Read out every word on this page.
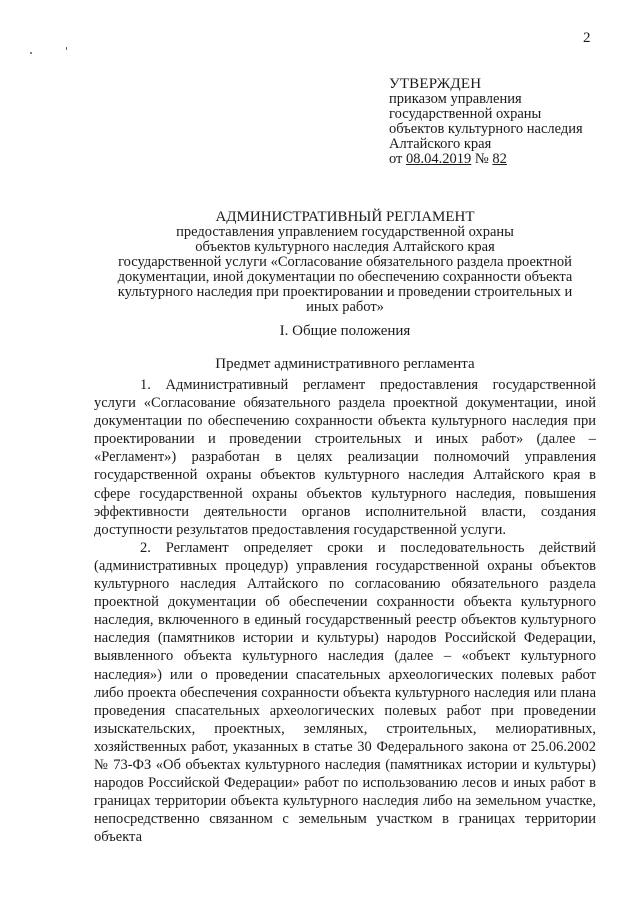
2
УТВЕРЖДЕН
приказом управления
государственной охраны
объектов культурного наследия
Алтайского края
от 08.04.2019 № 82
АДМИНИСТРАТИВНЫЙ РЕГЛАМЕНТ
предоставления управлением государственной охраны
объектов культурного наследия Алтайского края
государственной услуги «Согласование обязательного раздела проектной
документации, иной документации по обеспечению сохранности объекта
культурного наследия при проектировании и проведении строительных и
иных работ»
I. Общие положения
Предмет административного регламента

1. Административный регламент предоставления государственной услуги «Согласование обязательного раздела проектной документации, иной документации по обеспечению сохранности объекта культурного наследия при проектировании и проведении строительных и иных работ» (далее – «Регламент») разработан в целях реализации полномочий управления государственной охраны объектов культурного наследия Алтайского края в сфере государственной охраны объектов культурного наследия, повышения эффективности деятельности органов исполнительной власти, создания доступности результатов предоставления государственной услуги.

2. Регламент определяет сроки и последовательность действий (административных процедур) управления государственной охраны объектов культурного наследия Алтайского по согласованию обязательного раздела проектной документации об обеспечении сохранности объекта культурного наследия, включенного в единый государственный реестр объектов культурного наследия (памятников истории и культуры) народов Российской Федерации, выявленного объекта культурного наследия (далее – «объект культурного наследия») или о проведении спасательных археологических полевых работ либо проекта обеспечения сохранности объекта культурного наследия или плана проведения спасательных археологических полевых работ при проведении изыскательских, проектных, земляных, строительных, мелиоративных, хозяйственных работ, указанных в статье 30 Федерального закона от 25.06.2002 № 73-ФЗ «Об объектах культурного наследия (памятниках истории и культуры) народов Российской Федерации» работ по использованию лесов и иных работ в границах территории объекта культурного наследия либо на земельном участке, непосредственно связанном с земельным участком в границах территории объекта
